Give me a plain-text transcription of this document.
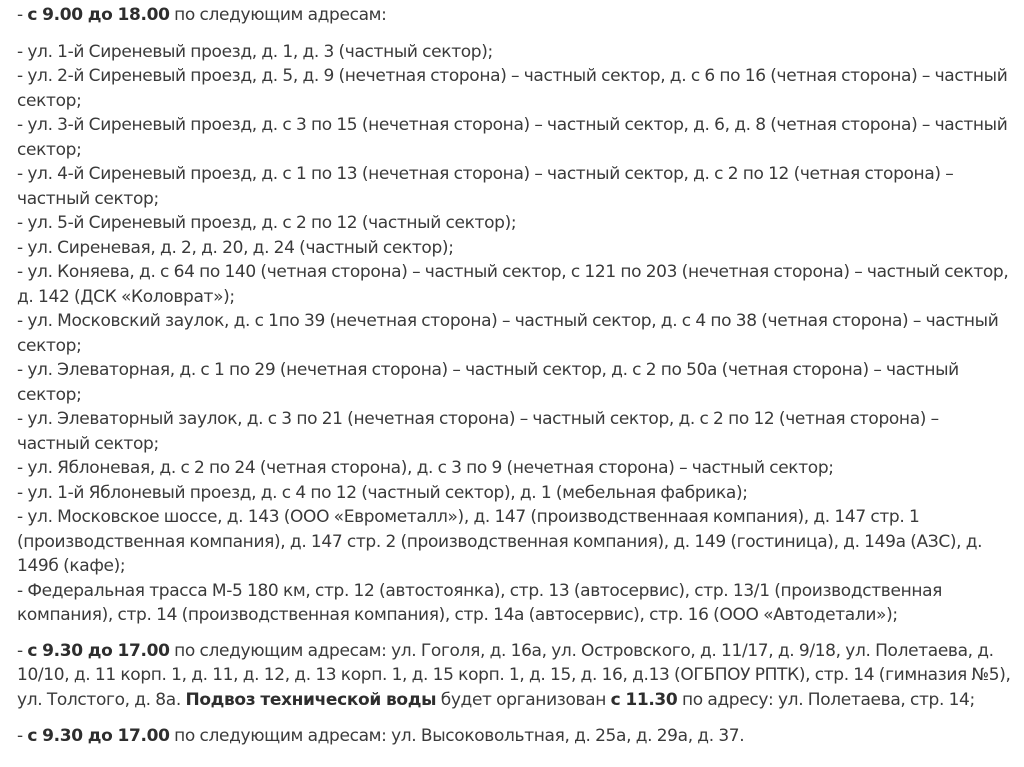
- с 9.00 до 18.00 по следующим адресам:

- ул. 1-й Сиреневый проезд, д. 1, д. 3 (частный сектор);
- ул. 2-й Сиреневый проезд, д. 5, д. 9 (нечетная сторона) – частный сектор, д. с 6 по 16 (четная сторона) – частный сектор;
- ул. 3-й Сиреневый проезд, д. с 3 по 15 (нечетная сторона) – частный сектор, д. 6, д. 8 (четная сторона) – частный сектор;
- ул. 4-й Сиреневый проезд, д. с 1 по 13 (нечетная сторона) – частный сектор, д. с 2 по 12 (четная сторона) – частный сектор;
- ул. 5-й Сиреневый проезд, д. с 2 по 12 (частный сектор);
- ул. Сиреневая, д. 2, д. 20, д. 24 (частный сектор);
- ул. Коняева, д. с 64 по 140 (четная сторона) – частный сектор, с 121 по 203 (нечетная сторона) – частный сектор, д. 142 (ДСК «Коловрат»);
- ул. Московский заулок, д. с 1по 39 (нечетная сторона) – частный сектор, д. с 4 по 38 (четная сторона) – частный сектор;
- ул. Элеваторная, д. с 1 по 29 (нечетная сторона) – частный сектор, д. с 2 по 50а (четная сторона) – частный сектор;
- ул. Элеваторный заулок, д. с 3 по 21 (нечетная сторона) – частный сектор, д. с 2 по 12 (четная сторона) – частный сектор;
- ул. Яблоневая, д. с 2 по 24 (четная сторона), д. с 3 по 9 (нечетная сторона) – частный сектор;
- ул. 1-й Яблоневый проезд, д. с 4 по 12 (частный сектор), д. 1 (мебельная фабрика);
- ул. Московское шоссе, д. 143 (ООО «Еврометалл»), д. 147 (производственнаая компания), д. 147 стр. 1 (производственная компания), д. 147 стр. 2 (производственная компания), д. 149 (гостиница), д. 149а (АЗС), д. 149б (кафе);
- Федеральная трасса М-5 180 км, стр. 12 (автостоянка), стр. 13 (автосервис), стр. 13/1 (производственная компания), стр. 14 (производственная компания), стр. 14а (автосервис), стр. 16 (ООО «Автодетали»);

- с 9.30 до 17.00 по следующим адресам: ул. Гоголя, д. 16а, ул. Островского, д. 11/17, д. 9/18, ул. Полетаева, д. 10/10, д. 11 корп. 1, д. 11, д. 12, д. 13 корп. 1, д. 15 корп. 1, д. 15, д. 16, д.13 (ОГБПОУ РПТК), стр. 14 (гимназия №5), ул. Толстого, д. 8а. Подвоз технической воды будет организован с 11.30 по адресу: ул. Полетаева, стр. 14;

- с 9.30 до 17.00 по следующим адресам: ул. Высоковольтная, д. 25а, д. 29а, д. 37.
